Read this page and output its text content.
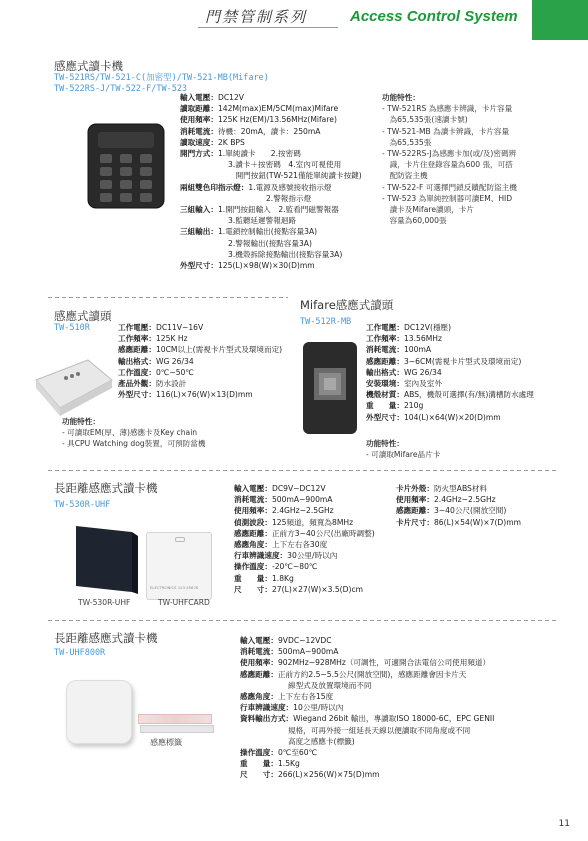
門禁管制系列	Access Control System
感應式讀卡機
TW-521RS/TW-521-C(加密型)/TW-521-MB(Mifare)
TW-522RS-J/TW-522-F/TW-523
輸入電壓：DC12V
讀取距離：142M(max)EM/5CM(max)Mifare
使用頻率：125K Hz(EM)/13.56MHz(Mifare)
消耗電流：待機：20mA，讀卡：250mA
讀取速度：2K BPS
開門方式：1.單純讀卡　　2.按密碼
3.讀卡＋按密碼　4.室內可視使用
　開門按鈕(TW-521僅能單純讀卡按鍵)
兩組雙色印指示燈：1.電源及感號接收指示燈
　　　　　2.警報指示燈
三組輸入：1.開門按鈕輸入　2.監看門磁警報器
3.監聽延遲警報迴路
三組輸出：1.電鎖控制輸出(接點容量3A)
2.警報輸出(接點容量3A)
3.機殼拆除接點輸出(接點容量3A)
外型尺寸：125(L)×98(W)×30(D)mm
功能特性：
- TW-521RS 為感應卡辨識，卡片容量
　為65,535張(速讀卡號)
- TW-521-MB 為讀卡辨識，卡片容量
　為65,535張
- TW-522RS-J為感應卡加(或/及)密碼辨
　識，卡片住登錄容量為600 張，可搭
　配防盜主機
- TW-522-F 可選擇門鎖反饋配防盜主機
- TW-523 為單純控制器可讀EM、HID
　讀卡及Mifare讀頭，卡片
　容量為60,000張
感應式讀頭
TW-510R	工作電壓：DC11V~16V
工作頻率：125K Hz
感應距離：10CM以上(需視卡片型式及環境而定)
輸出格式：WG 26/34
工作溫度：0℃~50℃
產品外觀：防水設計
外型尺寸：116(L)×76(W)×13(D)mm
功能特性：
- 可讀取EM(厚、薄)感應卡及Key chain
- 具CPU Watching dog裝置，可預防當機
Mifare感應式讀頭
TW-512R-MB
工作電壓：DC12V(穩壓)
工作頻率：13.56MHz
消耗電流：100mA
感應距離：3~6CM(需視卡片型式及環境而定)
輸出格式：WG 26/34
安裝環境：室內及室外
機殼材質：ABS，機殼可選擇(有/無)溝槽防水處理
重　　量：210g
外型尺寸：104(L)×64(W)×20(D)mm
功能特性：
- 可讀取Mifare晶片卡
長距離感應式讀卡機
TW-530R-UHF
ELECTRONICS 123 45678
TW-530R-UHF	TW-UHFCARD
輸入電壓：DC9V~DC12V
消耗電流：500mA~900mA
使用頻率：2.4GHz~2.5GHz
偵測波段：125頻道，頻寬為8MHz
感應距離：正前方3~40公尺(出廠時調整)
感應角度：上下左右各30度
行車辨識速度：30公里/時以內
操作溫度：-20℃~80℃
重　　量：1.8Kg
尺　　寸：27(L)×27(W)×3.5(D)cm
卡片外殼：防火型ABS材料
使用頻率：2.4GHz~2.5GHz
感應距離：3~40公尺(開放空間)
卡片尺寸：86(L)×54(W)×7(D)mm
長距離感應式讀卡機
TW-UHF800R
感應標籤
輸入電壓：9VDC~12VDC
消耗電流：500mA~900mA
使用頻率：902MHz~928MHz（可調性，可適開合法電信公司使用頻道）
感應距離：正前方約2.5~5.5公尺(開放空間)，感應距離會因卡片天
線型式及放置環境而不同
感應角度：上下左右各15度
行車辨識速度：10公里/時以內
資料輸出方式：Wiegand 26bit 輸出，專讀取ISO 18000-6C，EPC GENII
規格，可再外接一組延長天線以便讀取不同角度或不同
高度之感應卡(標籤)
操作溫度：0℃至60℃
重　　量：1.5Kg
尺　　寸：266(L)×256(W)×75(D)mm
11
